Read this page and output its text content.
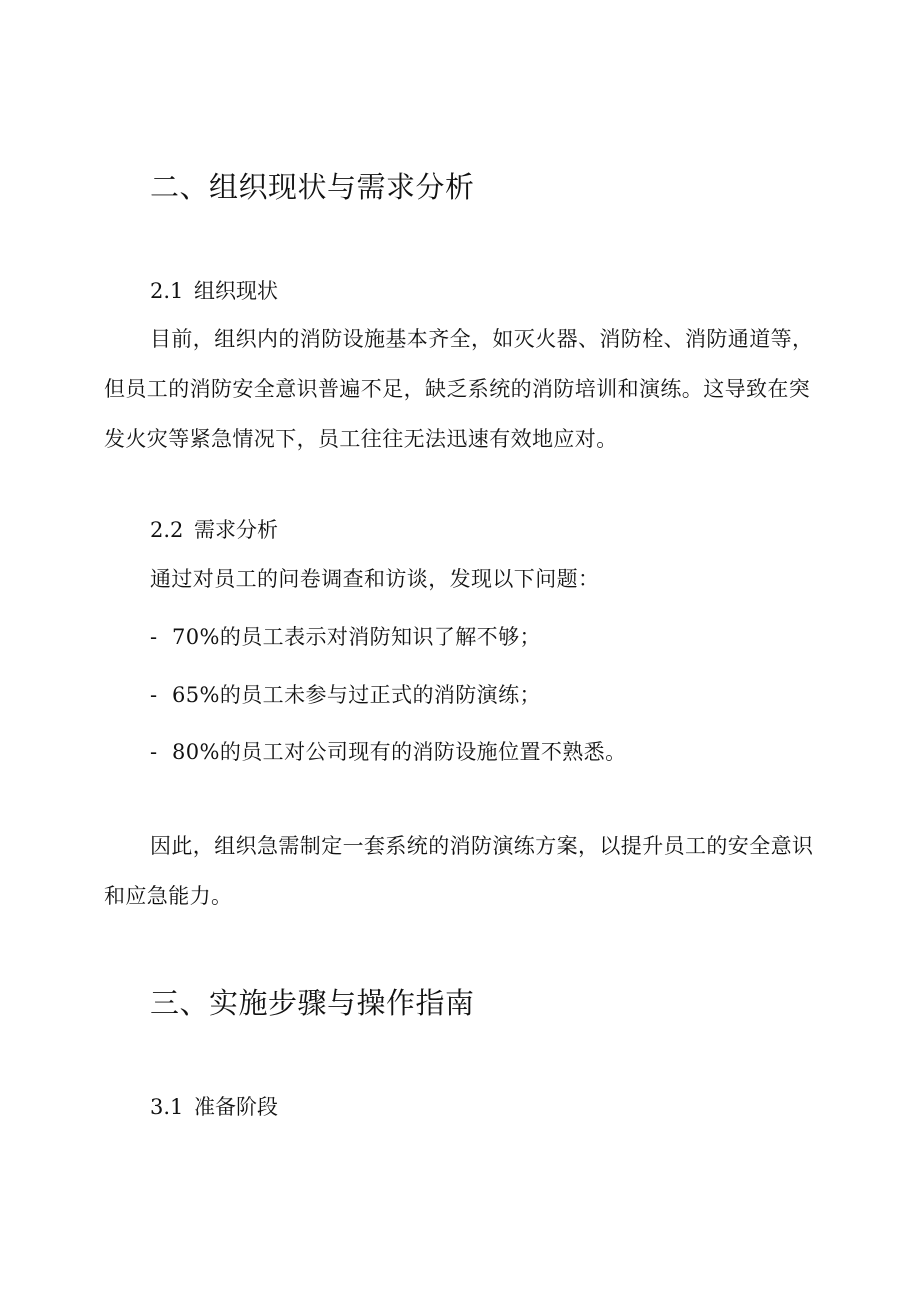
二、组织现状与需求分析
2.1 组织现状
目前，组织内的消防设施基本齐全，如灭火器、消防栓、消防通道等，但员工的消防安全意识普遍不足，缺乏系统的消防培训和演练。这导致在突发火灾等紧急情况下，员工往往无法迅速有效地应对。
2.2 需求分析
通过对员工的问卷调查和访谈，发现以下问题：
- 70%的员工表示对消防知识了解不够；
- 65%的员工未参与过正式的消防演练；
- 80%的员工对公司现有的消防设施位置不熟悉。
因此，组织急需制定一套系统的消防演练方案，以提升员工的安全意识和应急能力。
三、实施步骤与操作指南
3.1 准备阶段
